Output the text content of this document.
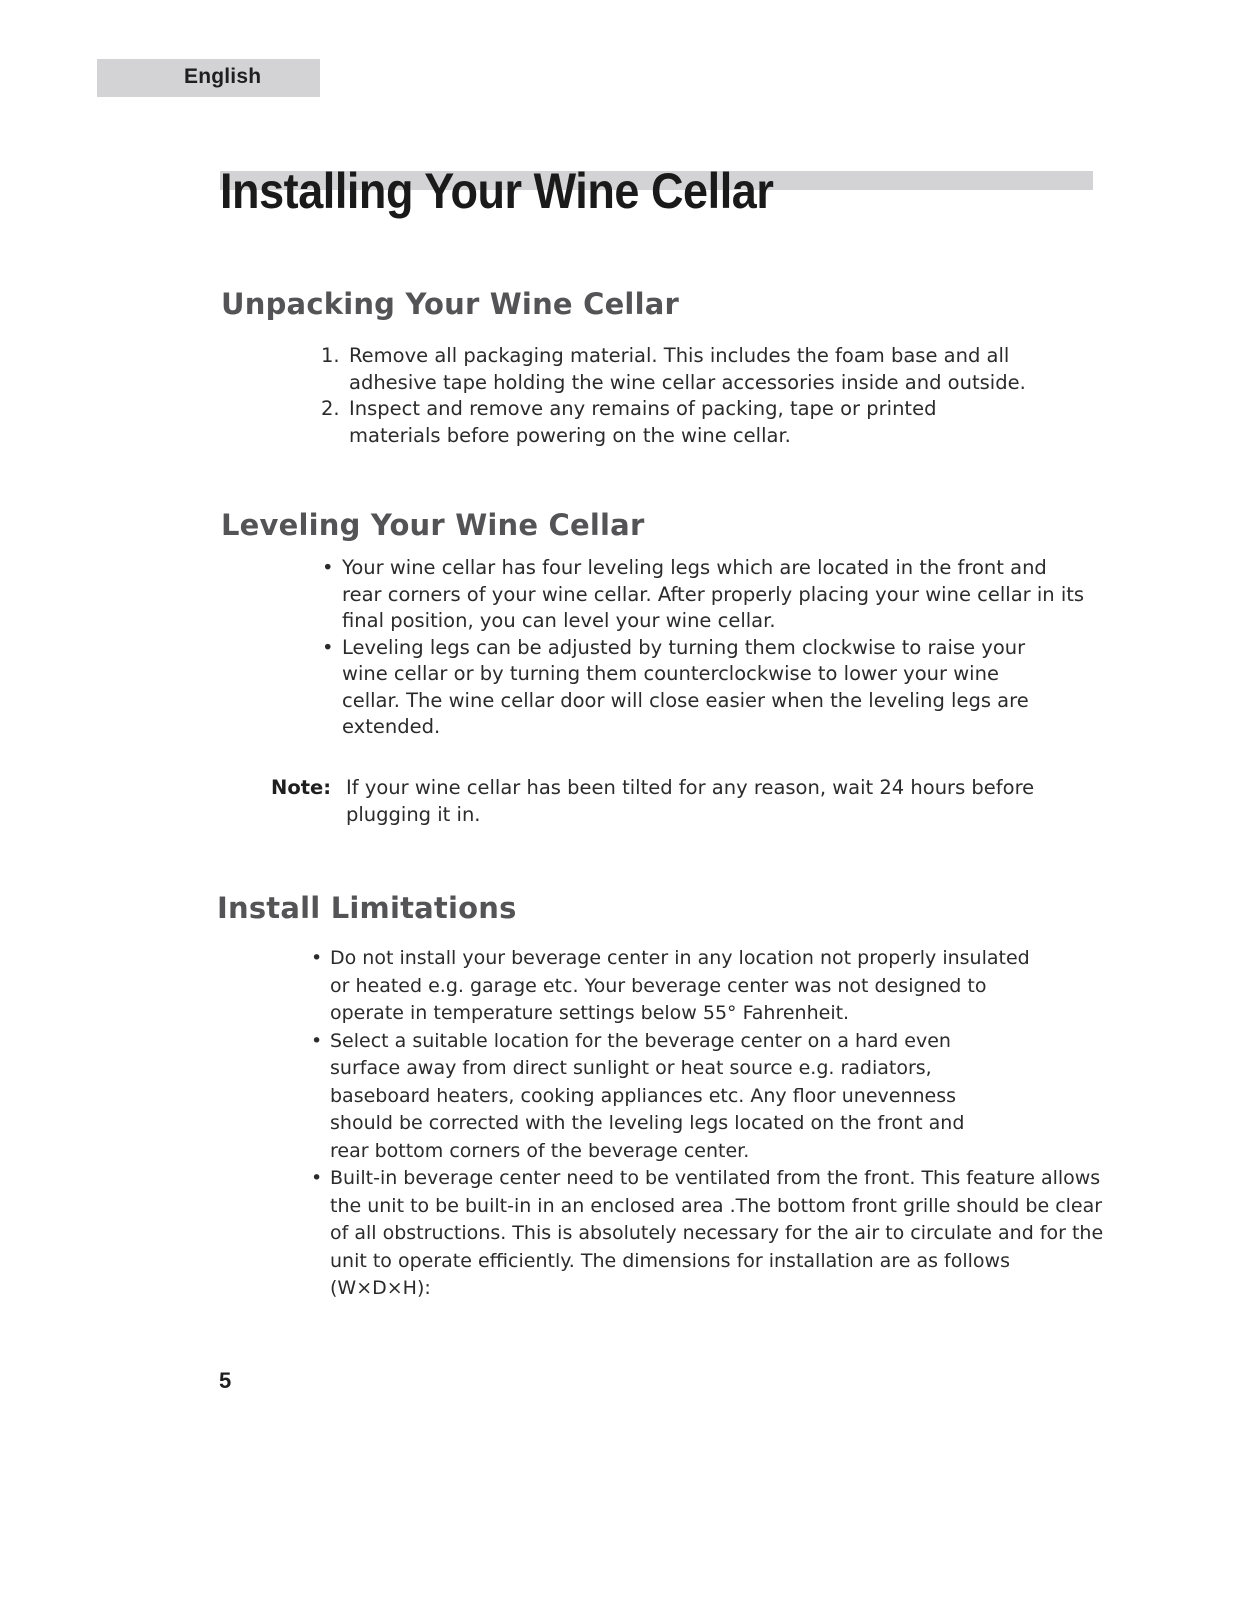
English
Installing Your Wine Cellar
Unpacking Your Wine Cellar

1. Remove all packaging material. This includes the foam base and all adhesive tape holding the wine cellar accessories inside and outside.

2. Inspect and remove any remains of packing, tape or printed materials before powering on the wine cellar.

Leveling Your Wine Cellar

• Your wine cellar has four leveling legs which are located in the front and rear corners of your wine cellar. After properly placing your wine cellar in its final position, you can level your wine cellar.

• Leveling legs can be adjusted by turning them clockwise to raise your wine cellar or by turning them counterclockwise to lower your wine cellar. The wine cellar door will close easier when the leveling legs are extended.

Note: If your wine cellar has been tilted for any reason, wait 24 hours before plugging it in.
Install Limitations

• Do not install your beverage center in any location not properly insulated or heated e.g. garage etc. Your beverage center was not designed to operate in temperature settings below 55° Fahrenheit.

• Select a suitable location for the beverage center on a hard even surface away from direct sunlight or heat source e.g. radiators, baseboard heaters, cooking appliances etc. Any floor unevenness should be corrected with the leveling legs located on the front and rear bottom corners of the beverage center.

• Built-in beverage center need to be ventilated from the front. This feature allows the unit to be built-in in an enclosed area .The bottom front grille should be clear of all obstructions. This is absolutely necessary for the air to circulate and for the unit to operate efficiently. The dimensions for installation are as follows (W×D×H):

5
